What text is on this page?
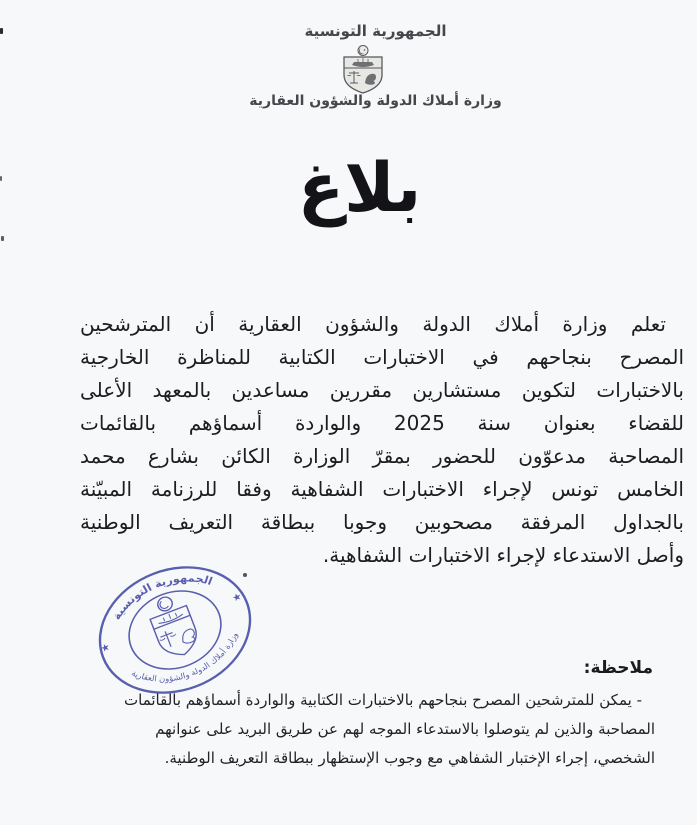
الجمهورية التونسية
وزارة أملاك الدولة والشؤون العقارية
بلاغ
تعلم وزارة أملاك الدولة والشؤون العقارية أن المترشحين
المصرح بنجاحهم في الاختبارات الكتابية للمناظرة الخارجية
بالاختبارات لتكوين مستشارين مقررين مساعدين بالمعهد الأعلى
للقضاء بعنوان سنة 2025 والواردة أسماؤهم بالقائمات
المصاحبة مدعوّون للحضور بمقرّ الوزارة الكائن بشارع محمد
الخامس تونس لإجراء الاختبارات الشفاهية وفقا للرزنامة المبيّنة
بالجداول المرفقة مصحوبين وجوبا ببطاقة التعريف الوطنية
وأصل الاستدعاء لإجراء الاختبارات الشفاهية.
الجمهورية التونسية
وزارة أملاك الدولة والشؤون العقارية
★
★
ملاحظة:
- يمكن للمترشحين المصرح بنجاحهم بالاختبارات الكتابية والواردة أسماؤهم بالقائمات
المصاحبة والذين لم يتوصلوا بالاستدعاء الموجه لهم عن طريق البريد على عنوانهم
الشخصي، إجراء الإختبار الشفاهي مع وجوب الإستظهار ببطاقة التعريف الوطنية.
